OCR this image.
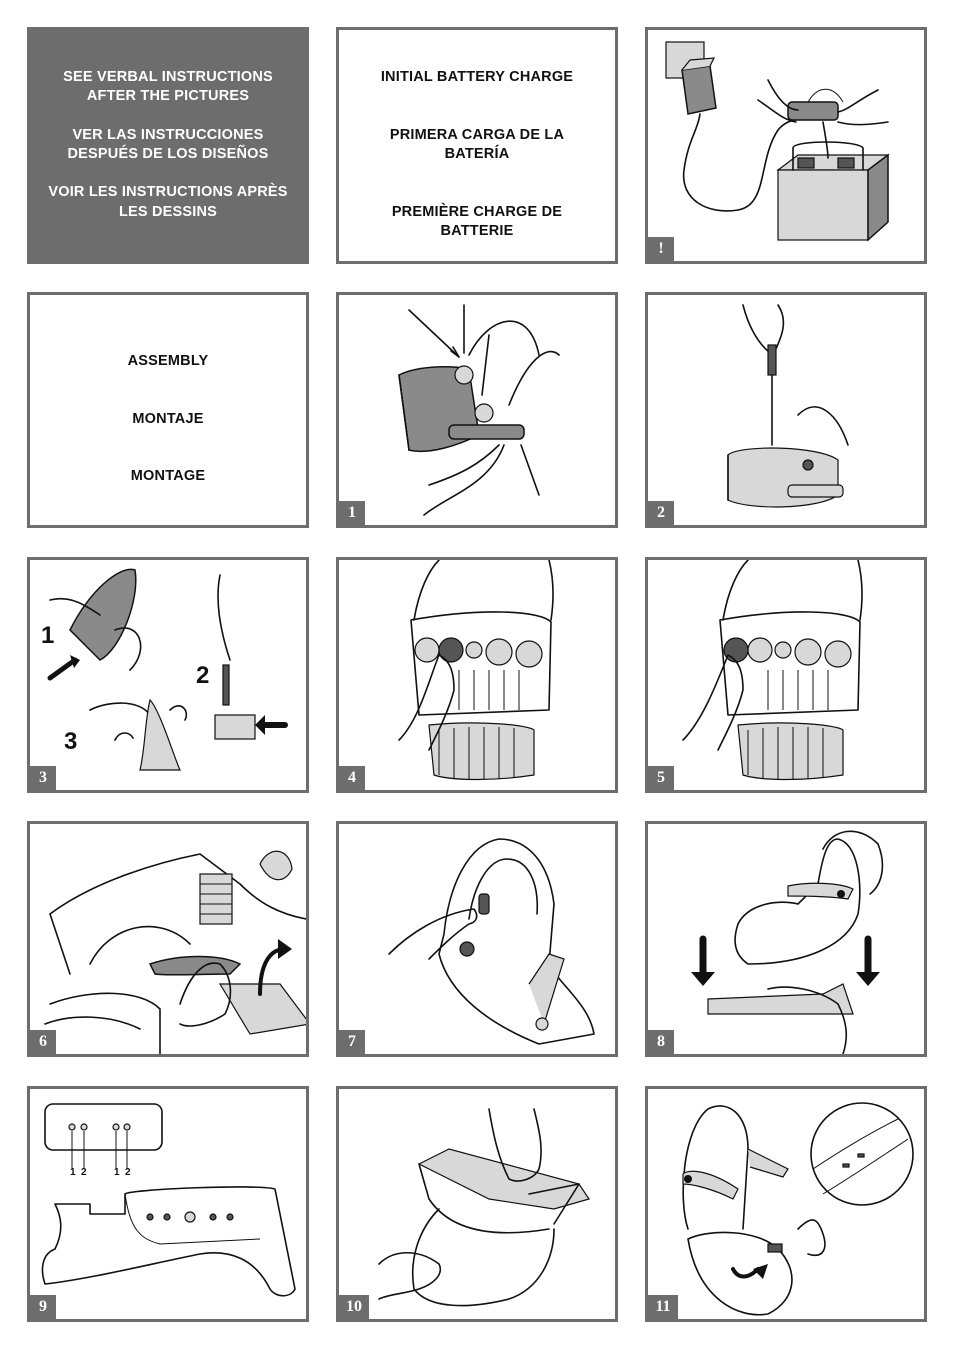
SEE VERBAL INSTRUCTIONS
AFTER THE PICTURES
VER LAS INSTRUCCIONES
DESPUÉS DE LOS DISEÑOS
VOIR LES INSTRUCTIONS APRÈS
LES DESSINS
INITIAL BATTERY CHARGE
PRIMERA CARGA DE LA
BATERÍA
PREMIÈRE CHARGE DE
BATTERIE
!
ASSEMBLY
MONTAJE
MONTAGE
1	2
1
2
3
3	4	5
6	7	8
1 2	1 2
9	10	11
